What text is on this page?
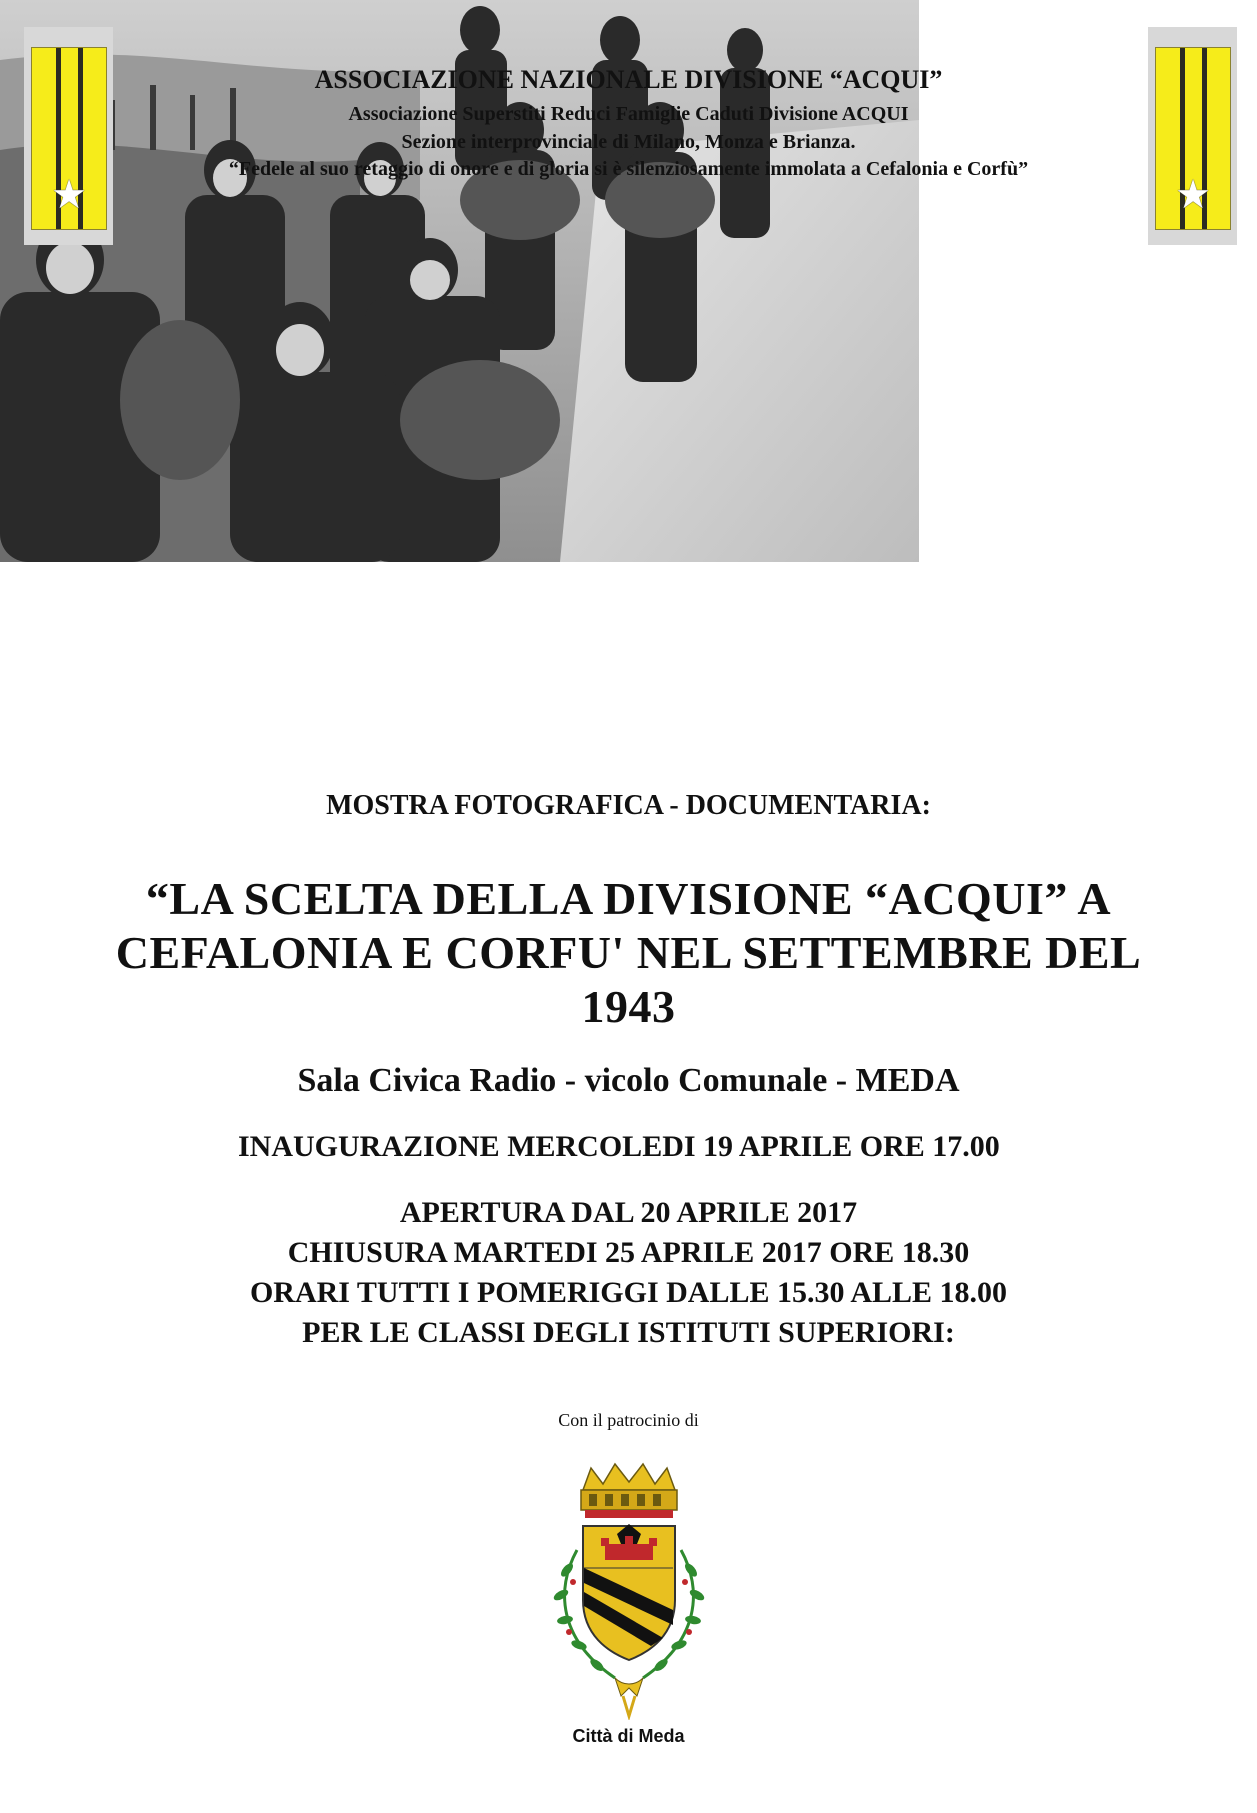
★	★
ASSOCIAZIONE NAZIONALE DIVISIONE “ACQUI”
Associazione Superstiti Reduci Famiglie Caduti Divisione ACQUI
Sezione interprovinciale di Milano, Monza e Brianza.
“Fedele al suo retaggio di onore e di gloria si è silenziosamente immolata a Cefalonia e Corfù”
MOSTRA FOTOGRAFICA - DOCUMENTARIA:
“LA SCELTA DELLA DIVISIONE “ACQUI” A
CEFALONIA E CORFU' NEL SETTEMBRE DEL
1943
Sala Civica Radio - vicolo Comunale - MEDA
INAUGURAZIONE MERCOLEDI 19 APRILE ORE 17.00
APERTURA DAL 20 APRILE 2017
CHIUSURA MARTEDI 25 APRILE 2017 ORE 18.30
ORARI TUTTI I POMERIGGI DALLE 15.30 ALLE 18.00
PER LE CLASSI DEGLI ISTITUTI SUPERIORI:
Con il patrocinio di
Città di Meda
